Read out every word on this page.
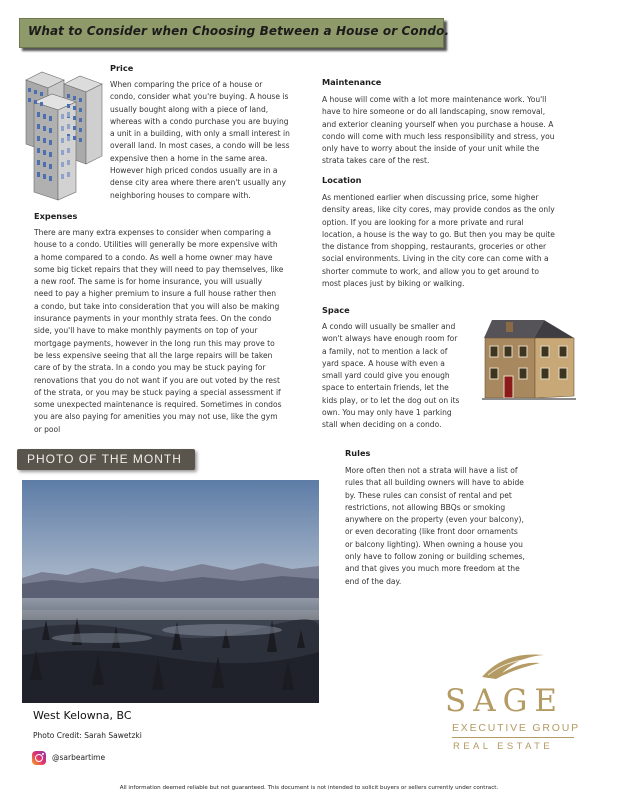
What to Consider when Choosing Between a House or Condo.
Price
When comparing the price of a house or
condo, consider what you're buying. A house is
usually bought along with a piece of land,
whereas with a condo purchase you are buying
a unit in a building, with only a small interest in
overall land. In most cases, a condo will be less
expensive then a home in the same area.
However high priced condos usually are in a
dense city area where there aren't usually any
neighboring houses to compare with.
Expenses
There are many extra expenses to consider when comparing a
house to a condo. Utilities will generally be more expensive with
a home compared to a condo. As well a home owner may have
some big ticket repairs that they will need to pay themselves, like
a new roof. The same is for home insurance, you will usually
need to pay a higher premium to insure a full house rather then
a condo, but take into consideration that you will also be making
insurance payments in your monthly strata fees. On the condo
side, you'll have to make monthly payments on top of your
mortgage payments, however in the long run this may prove to
be less expensive seeing that all the large repairs will be taken
care of by the strata. In a condo you may be stuck paying for
renovations that you do not want if you are out voted by the rest
of the strata, or you may be stuck paying a special assessment if
some unexpected maintenance is required. Sometimes in condos
you are also paying for amenities you may not use, like the gym
or pool
Maintenance
A house will come with a lot more maintenance work. You'll
have to hire someone or do all landscaping, snow removal,
and exterior cleaning yourself when you purchase a house. A
condo will come with much less responsibility and stress, you
only have to worry about the inside of your unit while the
strata takes care of the rest.
Location
As mentioned earlier when discussing price, some higher
density areas, like city cores, may provide condos as the only
option. If you are looking for a more private and rural
location, a house is the way to go. But then you may be quite
the distance from shopping, restaurants, groceries or other
social environments. Living in the city core can come with a
shorter commute to work, and allow you to get around to
most places just by biking or walking.
Space
A condo will usually be smaller and
won't always have enough room for
a family, not to mention a lack of
yard space. A house with even a
small yard could give you enough
space to entertain friends, let the
kids play, or to let the dog out on its
own. You may only have 1 parking
stall when deciding on a condo.
Rules
More often then not a strata will have a list of
rules that all building owners will have to abide
by. These rules can consist of rental and pet
restrictions, not allowing BBQs or smoking
anywhere on the property (even your balcony),
or even decorating (like front door ornaments
or balcony lighting). When owning a house you
only have to follow zoning or building schemes,
and that gives you much more freedom at the
end of the day.
PHOTO OF THE MONTH
West Kelowna, BC
Photo Credit: Sarah Sawetzki
@sarbeartime
SAGE
EXECUTIVE GROUP
REAL ESTATE
All information deemed reliable but not guaranteed. This document is not intended to solicit buyers or sellers currently under contract.
